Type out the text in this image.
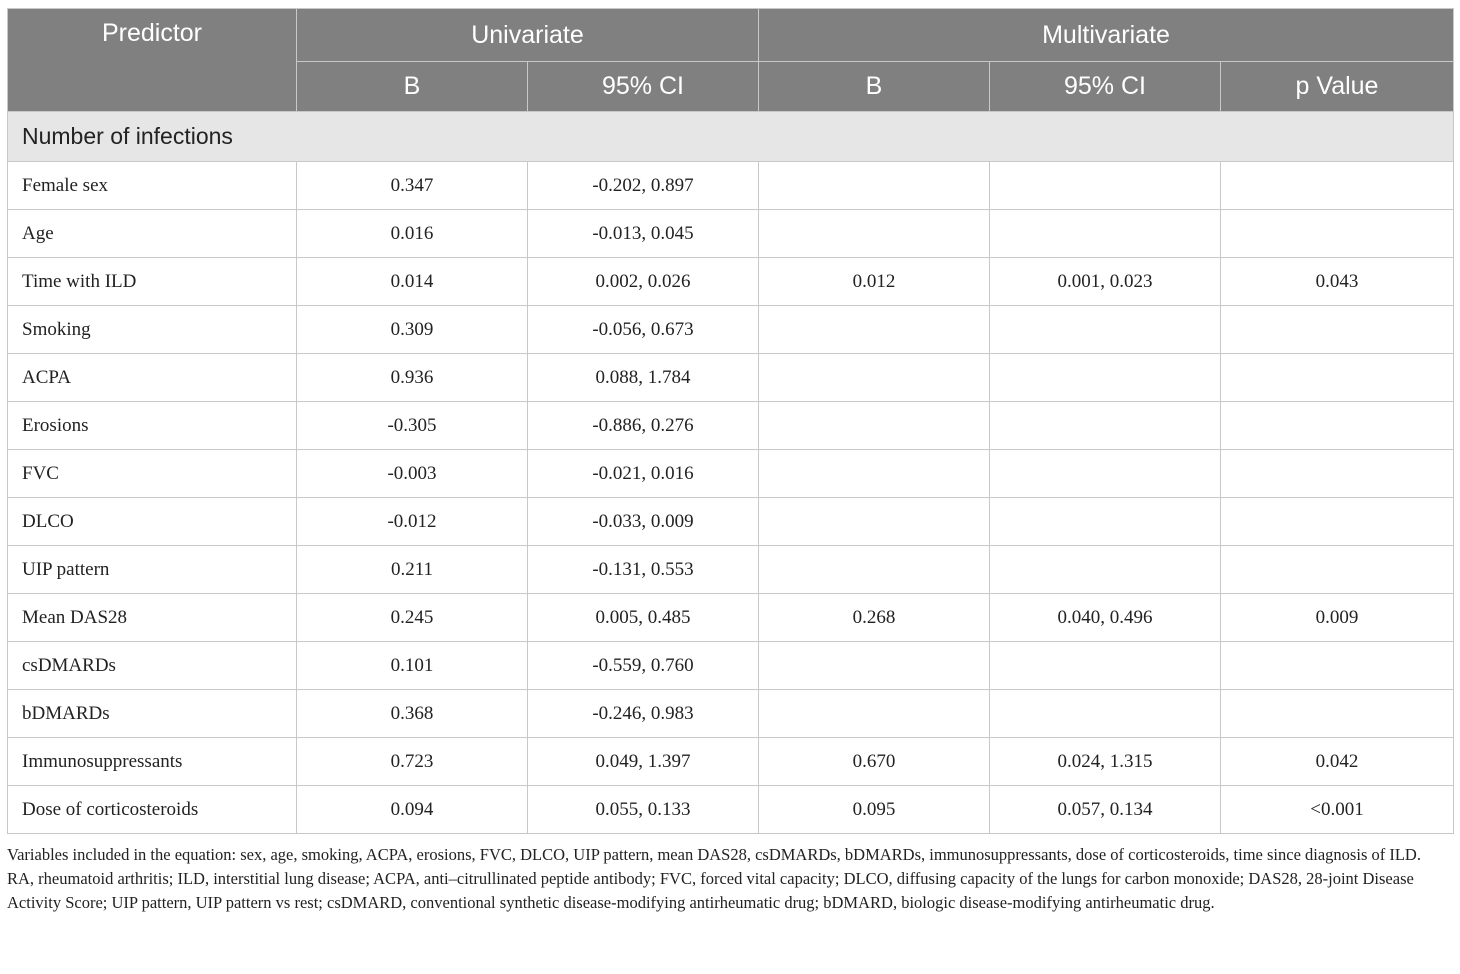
Predictor	Univariate		Multivariate		
	B	95% CI	B	95% CI	p Value
Number of infections					
Female sex	0.347	-0.202, 0.897			
Age	0.016	-0.013, 0.045			
Time with ILD	0.014	0.002, 0.026	0.012	0.001, 0.023	0.043
Smoking	0.309	-0.056, 0.673			
ACPA	0.936	0.088, 1.784			
Erosions	-0.305	-0.886, 0.276			
FVC	-0.003	-0.021, 0.016			
DLCO	-0.012	-0.033, 0.009			
UIP pattern	0.211	-0.131, 0.553			
Mean DAS28	0.245	0.005, 0.485	0.268	0.040, 0.496	0.009
csDMARDs	0.101	-0.559, 0.760			
bDMARDs	0.368	-0.246, 0.983			
Immunosuppressants	0.723	0.049, 1.397	0.670	0.024, 1.315	0.042
Dose of corticosteroids	0.094	0.055, 0.133	0.095	0.057, 0.134	<0.001

Variables included in the equation: sex, age, smoking, ACPA, erosions, FVC, DLCO, UIP pattern, mean DAS28, csDMARDs, bDMARDs, immunosuppressants, dose of corticosteroids, time since diagnosis of ILD.

RA, rheumatoid arthritis; ILD, interstitial lung disease; ACPA, anti–citrullinated peptide antibody; FVC, forced vital capacity; DLCO, diffusing capacity of the lungs for carbon monoxide; DAS28, 28-joint Disease Activity Score; UIP pattern, UIP pattern vs rest; csDMARD, conventional synthetic disease-modifying antirheumatic drug; bDMARD, biologic disease-modifying antirheumatic drug.
